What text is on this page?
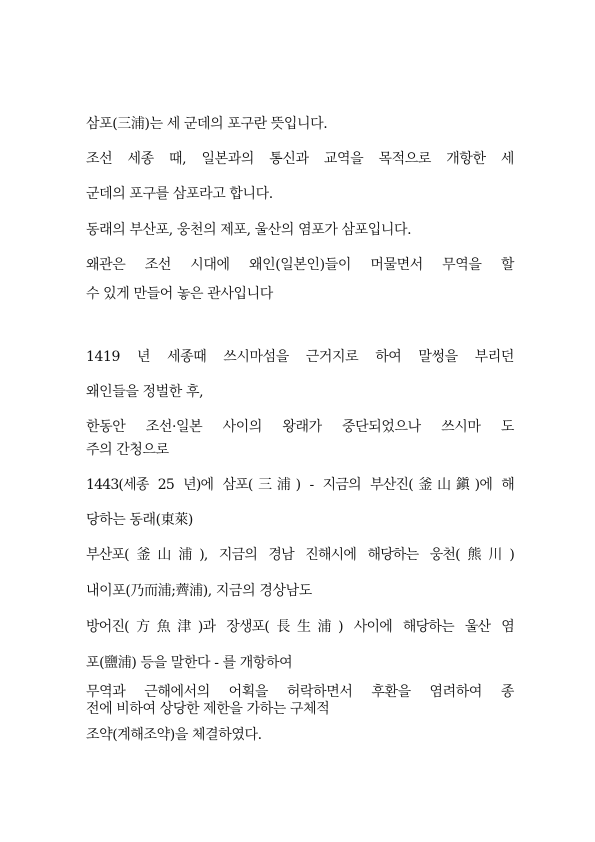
삼포(三浦)는 세 군데의 포구란 뜻입니다.

조선 세종 때, 일본과의 통신과 교역을 목적으로 개항한 세

군데의 포구를 삼포라고 합니다.

동래의 부산포, 웅천의 제포, 울산의 염포가 삼포입니다.

왜관은 조선 시대에 왜인(일본인)들이 머물면서 무역을 할

수 있게 만들어 놓은 관사입니다

1419 년 세종때 쓰시마섬을 근거지로 하여 말썽을 부리던

왜인들을 정벌한 후,

한동안 조선·일본 사이의 왕래가 중단되었으나 쓰시마 도

주의 간청으로

1443(세종 25 년)에 삼포(三浦) - 지금의 부산진(釜山鎭)에 해

당하는 동래(東萊)

부산포(釜山浦), 지금의 경남 진해시에 해당하는 웅천(熊川)

내이포(乃而浦;薺浦), 지금의 경상남도

방어진(方魚津)과 장생포(長生浦) 사이에 해당하는 울산 염

포(鹽浦) 등을 말한다 - 를 개항하여

무역과 근해에서의 어획을 허락하면서 후환을 염려하여 종

전에 비하여 상당한 제한을 가하는 구체적

조약(계해조약)을 체결하였다.
